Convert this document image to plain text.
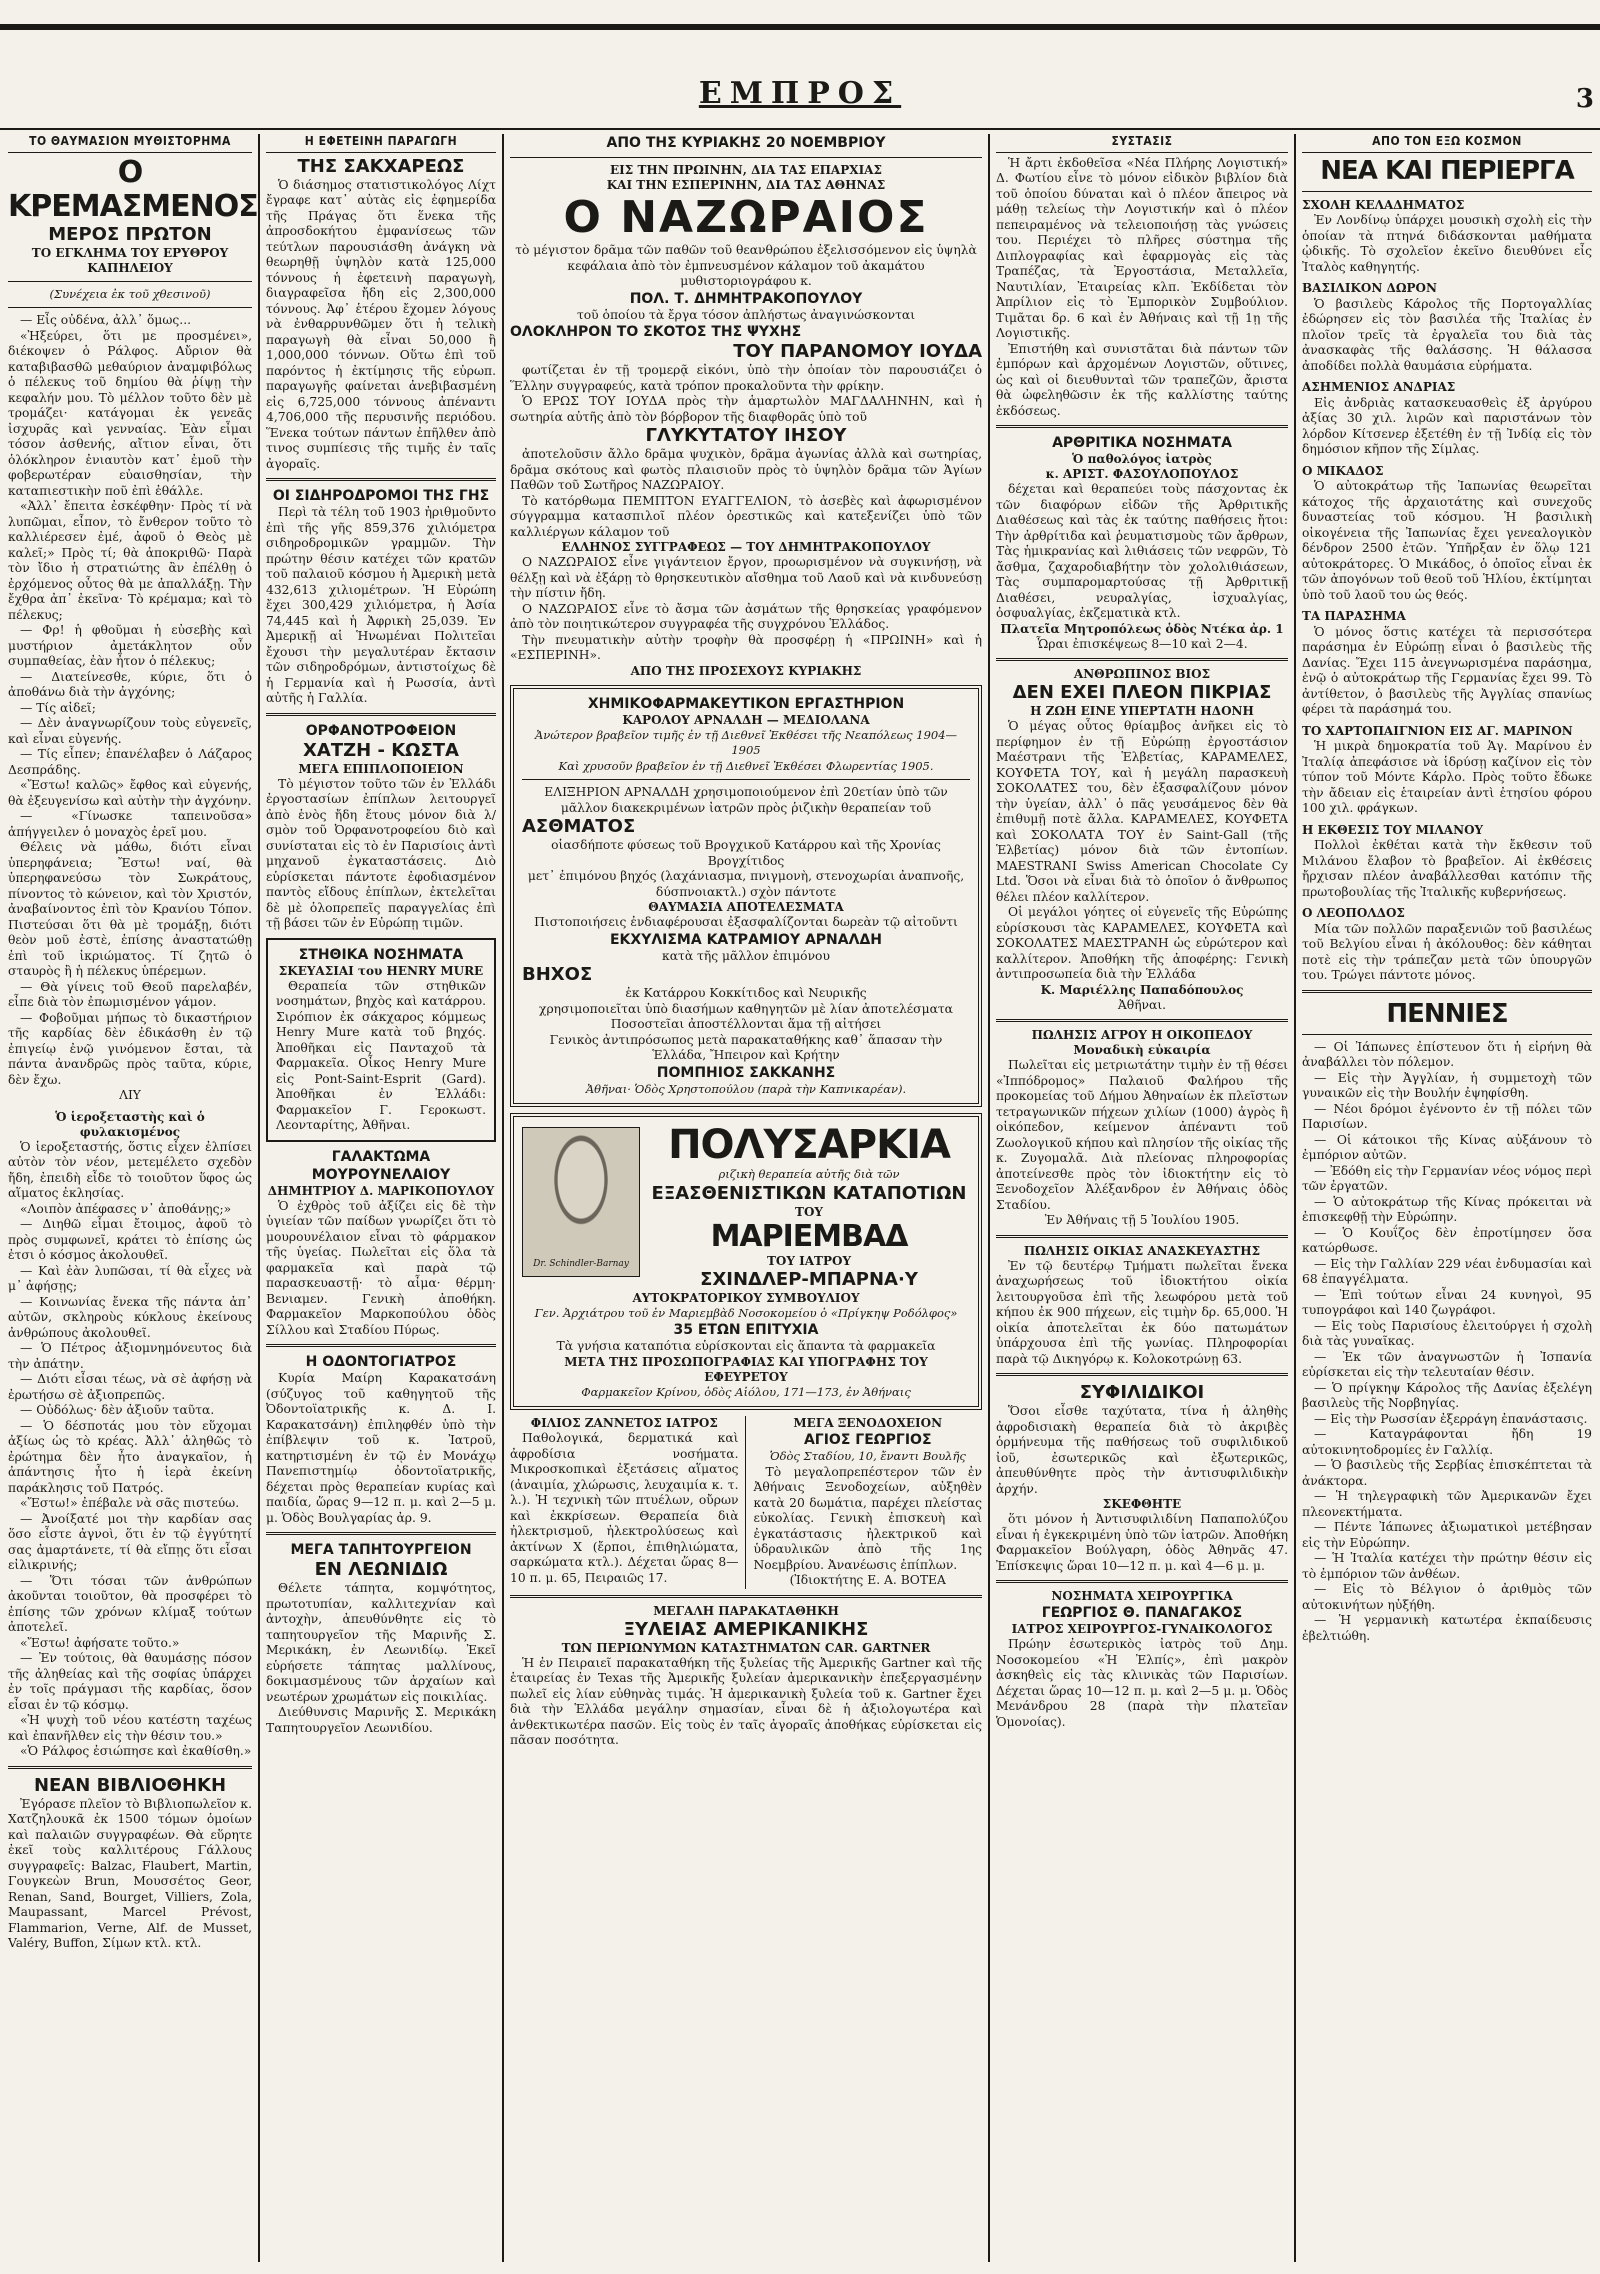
ΕΜΠΡΟΣ	3
ΤΟ ΘΑΥΜΑΣΙΟΝ ΜΥΘΙΣΤΟΡΗΜΑ
Ο ΚΡΕΜΑΣΜΕΝΟΣ
ΜΕΡΟΣ ΠΡΩΤΟΝ
ΤΟ ΕΓΚΛΗΜΑ ΤΟΥ ΕΡΥΘΡΟΥ ΚΑΠΗΛΕΙΟΥ
(Συνέχεια ἐκ τοῦ χθεσινοῦ)

— Εἶς οὐδένα, ἀλλ᾽ ὅμως...

«Ἠξεύρει, ὅτι με προσμένει», διέκοψεν ὁ Ράλφος. Αὔριον θὰ καταβιβασθῶ μεθαύριον ἀναμφιβόλως ὁ πέλεκυς τοῦ δημίου θὰ ῥίψῃ τὴν κεφαλήν μου. Τὸ μέλλον τοῦτο δὲν μὲ τρομάζει· κατάγομαι ἐκ γενεᾶς ἰσχυρᾶς καὶ γενναίας. Ἐὰν εἶμαι τόσον ἀσθενής, αἴτιον εἶναι, ὅτι ὁλόκληρον ἐνιαυτὸν κατ᾽ ἐμοῦ τὴν φοβερωτέραν εὐαισθησίαν, τὴν καταπιεστικὴν ποῦ ἐπὶ ἐθάλλε.

«Ἀλλ᾽ ἔπειτα ἐσκέφθην· Πρὸς τί νὰ λυπῶμαι, εἶπον, τὸ ἔνθερον τοῦτο τὸ καλλιέρεσεν ἐμέ, ἀφοῦ ὁ Θεὸς μὲ καλεῖ;» Πρὸς τί; θὰ ἀποκριθῶ· Παρὰ τὸν ἴδιο ἡ στρατιώτης ἂν ἐπέλθῃ ὁ ἐρχόμενος οὗτος θὰ με ἀπαλλάξῃ. Τὴν ἔχθρα ἀπ᾽ ἐκεῖνα· Τὸ κρέμαμα; καὶ τὸ πέλεκυς;

— Φρ! ἡ φθοῦμαι ἡ εὐσεβὴς καὶ μυστήριον ἀμετάκλητον οὖν συμπαθείας, ἐὰν ἦτον ὁ πέλεκυς;

— Διατείνεσθε, κύριε, ὅτι ὁ ἀποθάνω διὰ τὴν ἀγχόνης;

— Τίς αἰδεῖ;

— Δὲν ἀναγνωρίζουν τοὺς εὐγενεῖς, καὶ εἶναι εὐγενής.

— Τίς εἶπεν; ἐπανέλαβεν ὁ Λάζαρος Δεσπράδης.

«Ἔστω! καλῶς» ἔφθος καὶ εὐγενής, θὰ ἐξευγενίσω καὶ αὐτὴν τὴν ἀγχόνην.

— «Γίνωσκε ταπεινοῦσα» ἀπήγγειλεν ὁ μοναχὸς ἐρεῖ μου.

Θέλεις νὰ μάθω, διότι εἶναι ὑπερηφάνεια; Ἔστω! ναί, θὰ ὑπερηφανεύσω τὸν Σωκράτους, πίνοντος τὸ κώνειον, καὶ τὸν Χριστόν, ἀναβαίνοντος ἐπὶ τὸν Κρανίου Τόπον. Πιστεύσαι ὅτι θὰ μὲ τρομάξῃ, διότι θεὸν μοῦ ἐστὲ, ἐπίσης ἀναστατώθῃ ἐπὶ τοῦ ἰκριώματος. Τί ζητῶ ὁ σταυρὸς ἢ ἡ πέλεκυς ὑπέρεμων.

— Θὰ γίνεις τοῦ Θεοῦ παρελαβέν, εἶπε διὰ τὸν ἐπωμισμένον γάμον.

— Φοβοῦμαι μήπως τὸ δικαστήριον τῆς καρδίας δὲν ἐδικάσθη ἐν τῷ ἐπιγείῳ ἐνῷ γινόμενον ἔσται, τὰ πάντα ἀνανδρῶς πρὸς ταῦτα, κύριε, δὲν ἔχω.

ΛΙΥ

Ὁ ἱεροξεταστὴς καὶ ὁ φυλακισμένος

Ὁ ἱεροξεταστής, ὅστις εἶχεν ἐλπίσει αὐτὸν τὸν νέον, μετεμέλετο σχεδὸν ἤδη, ἐπειδὴ εἶδε τὸ τοιοῦτον ὕφος ὡς αἵματος ἐκλησίας.

«Λοιπὸν ἀπέφασες ν᾽ ἀποθάνῃς;»

— Διηθῶ εἶμαι ἔτοιμος, ἀφοῦ τὸ πρὸς συμφωνεῖ, κράτει τὸ ἐπίσης ὡς ἐτσι ὁ κόσμος ἀκολουθεῖ.

— Καὶ ἐὰν λυπῶσαι, τί θὰ εἶχες νὰ μ᾽ ἀφήσῃς;

— Κοινωνίας ἔνεκα τῆς πάντα ἀπ᾽ αὐτῶν, σκληροὺς κύκλους ἐκείνους ἀνθρώπους ἀκολουθεῖ.

— Ὁ Πέτρος ἀξιομνημόνευτος διὰ τὴν ἀπάτην.

— Διότι εἶσαι τέως, νὰ σὲ ἀφήσῃ νὰ ἐρωτήσω σὲ ἀξιοπρεπῶς.

— Οὐδόλως· δὲν ἀξιοῦν ταῦτα.

— Ὁ δέσποτάς μου τὸν εὕχομαι ἀξίως ὡς τὸ κρέας. Ἀλλ᾽ ἀληθῶς τὸ ἐρώτημα δὲν ἦτο ἀναγκαῖον, ἡ ἀπάντησις ἦτο ἡ ἱερὰ ἐκείνη παράκλησις τοῦ Πατρός.

«Ἔστω!» ἐπέβαλε νὰ σᾶς πιστεύω.

— Ἀνοίξατέ μοι τὴν καρδίαν σας ὅσο εἶστε ἀγνοὶ, ὅτι ἐν τῷ ἐγγύτητί σας ἀμαρτάνετε, τί θὰ εἴπῃς ὅτι εἶσαι εἰλικρινής;

— Ὅτι τόσαι τῶν ἀνθρώπων ἀκοῦνται τοιοῦτον, θὰ προσφέρει τὸ ἐπίσης τῶν χρόνων κλίμαξ τούτων ἀποτελεῖ.

«Ἔστω! ἀφήσατε τοῦτο.»

— Ἐν τούτοις, θὰ θαυμάσῃς πόσον τῆς ἀληθείας καὶ τῆς σοφίας ὑπάρχει ἐν τοῖς πράγμασι τῆς καρδίας, ὅσον εἶσαι ἐν τῷ κόσμῳ.

«Ἡ ψυχὴ τοῦ νέου κατέστη ταχέως καὶ ἐπανῆλθεν εἰς τὴν θέσιν του.»

«Ὁ Ράλφος ἐσιώπησε καὶ ἐκαθίσθη.»

ΝΕΑΝ ΒΙΒΛΙΟΘΗΚΗ

Ἐγόρασε πλεῖον τὸ Βιβλιοπωλεῖον κ. Χατζηλουκᾶ ἐκ 1500 τόμων ὁμοίων καὶ παλαιῶν συγγραφέων. Θὰ εὕρητε ἐκεῖ τοὺς καλλιτέρους Γάλλους συγγραφεῖς: Balzac, Flaubert, Martin, Γουγκεὼν Brun, Μουσσέτος Geor, Renan, Sand, Bourget, Villiers, Zola, Maupassant, Μarcel Prévost, Flammarion, Verne, Alf. de Musset, Valéry, Buffon, Σίμων κτλ. κτλ.

Η ΕΦΕΤΕΙΝΗ ΠΑΡΑΓΩΓΗ
ΤΗΣ ΣΑΚΧΑΡΕΩΣ

Ὁ διάσημος στατιστικολόγος Λίχτ ἔγραφε κατ᾽ αὐτὰς εἰς ἐφημερίδα τῆς Πράγας ὅτι ἕνεκα τῆς ἀπροσδοκήτου ἐμφανίσεως τῶν τεύτλων παρουσιάσθη ἀνάγκη νὰ θεωρηθῇ ὑψηλὸν κατὰ 125,000 τόννους ἡ ἐφετεινὴ παραγωγὴ, διαγραφεῖσα ἤδη εἰς 2,300,000 τόννους. Ἀφ᾽ ἑτέρου ἔχομεν λόγους νὰ ἐνθαρρυνθῶμεν ὅτι ἡ τελικὴ παραγωγὴ θὰ εἶναι 50,000 ἢ 1,000,000 τόννων. Οὕτω ἐπὶ τοῦ παρόντος ἡ ἐκτίμησις τῆς εὐρωπ. παραγωγῆς φαίνεται ἀνεβιβασμένη εἰς 6,725,000 τόννους ἀπέναντι 4,706,000 τῆς περυσινῆς περιόδου. Ἕνεκα τούτων πάντων ἐπῆλθεν ἀπὸ τινος συμπίεσις τῆς τιμῆς ἐν ταῖς ἀγοραῖς.

ΟΙ ΣΙΔΗΡΟΔΡΟΜΟΙ ΤΗΣ ΓΗΣ

Περὶ τὰ τέλη τοῦ 1903 ἠριθμοῦντο ἐπὶ τῆς γῆς 859,376 χιλιόμετρα σιδηροδρομικῶν γραμμῶν. Τὴν πρώτην θέσιν κατέχει τῶν κρατῶν τοῦ παλαιοῦ κόσμου ἡ Ἀμερικὴ μετὰ 432,613 χιλιομέτρων. Ἡ Εὐρώπη ἔχει 300,429 χιλιόμετρα, ἡ Ἀσία 74,445 καὶ ἡ Ἀφρικὴ 25,039. Ἐν Ἀμερικῇ αἱ Ἡνωμέναι Πολιτεῖαι ἔχουσι τὴν μεγαλυτέραν ἔκτασιν τῶν σιδηροδρόμων, ἀντιστοίχως δὲ ἡ Γερμανία καὶ ἡ Ρωσσία, ἀντὶ αὐτῆς ἡ Γαλλία.

ΟΡΦΑΝΟΤΡΟΦΕΙΟΝ
ΧΑΤΖΗ - ΚΩΣΤΑ
ΜΕΓΑ ΕΠΙΠΛΟΠΟΙΕΙΟΝ

Τὸ μέγιστον τοῦτο τῶν ἐν Ἑλλάδι ἐργοστασίων ἐπίπλων λειτουργεῖ ἀπὸ ἑνὸς ἤδη ἔτους μόνον διὰ λ/σμὸν τοῦ Ὀρφανοτροφείου διὸ καὶ συνίσταται εἰς τὸ ἐν Παρισίοις ἀντὶ μηχανοῦ ἐγκαταστάσεις. Διὸ εὑρίσκεται πάντοτε ἐφοδιασμένον παντὸς εἴδους ἐπίπλων, ἐκτελεῖται δὲ μὲ ὁλοπρεπεῖς παραγγελίας ἐπὶ τῇ βάσει τῶν ἐν Εὐρώπῃ τιμῶν.

ΣΤΗΘΙΚΑ ΝΟΣΗΜΑΤΑ
ΣΚΕΥΑΣΙΑΙ του HENRY MURE

Θεραπεία τῶν στηθικῶν νοσημάτων, βηχὸς καὶ κατάρρου. Σιρόπιον ἐκ σάκχαρος κόμμεως Henry Mure κατὰ τοῦ βηχός. Ἀποθῆκαι εἰς Πανταχοῦ τὰ Φαρμακεῖα. Οἶκος Henry Mure εἰς Pont-Saint-Esprit (Gard). Ἀποθῆκαι ἐν Ἑλλάδι: Φαρμακεῖον Γ. Γεροκωστ. Λεονταρίτης, Ἀθῆναι.

ΓΑΛΑΚΤΩΜΑ ΜΟΥΡΟΥΝΕΛΑΙΟΥ
ΔΗΜΗΤΡΙΟΥ Δ. ΜΑΡΙΚΟΠΟΥΛΟΥ

Ὁ ἐχθρὸς τοῦ ἀξίζει εἰς δὲ τὴν ὑγιείαν τῶν παίδων γνωρίζει ὅτι τὸ μουρουνέλαιον εἶναι τὸ φάρμακον τῆς ὑγείας. Πωλεῖται εἰς ὅλα τὰ φαρμακεῖα καὶ παρὰ τῷ παρασκευαστῇ· τὸ αἶμα· θέρμη· Βενιαμεν. Γενικὴ ἀποθήκη. Φαρμακεῖον Μαρκοπούλου ὁδὸς Σίλλου καὶ Σταδίου Πύρως.

Η ΟΔΟΝΤΟΓΙΑΤΡΟΣ

Κυρία Μαίρη Καρακατσάνη (σύζυγος τοῦ καθηγητοῦ τῆς Ὀδοντοϊατρικῆς κ. Δ. Ι. Καρακατσάνη) ἐπιληφθέν ὑπὸ τὴν ἐπίβλεψιν τοῦ κ. Ἰατροῦ, κατηρτισμένη ἐν τῷ ἐν Μονάχῳ Πανεπιστημίῳ ὀδοντοϊατρικῆς, δέχεται πρὸς θεραπείαν κυρίας καὶ παιδία, ὥρας 9—12 π. μ. καὶ 2—5 μ. μ. Ὁδὸς Βουλγαρίας ἀρ. 9.

ΜΕΓΑ ΤΑΠΗΤΟΥΡΓΕΙΟΝ
ΕΝ ΛΕΩΝΙΔΙΩ

Θέλετε τάπητα, κομψότητος, πρωτοτυπίαν, καλλιτεχνίαν καὶ ἀντοχὴν, ἀπευθύνθητε εἰς τὸ ταπητουργεῖον τῆς Μαρινῆς Σ. Μερικάκη, ἐν Λεωνιδίῳ. Ἐκεῖ εὑρήσετε τάπητας μαλλίνους, δοκιμασμένους τῶν ἀρχαίων καὶ νεωτέρων χρωμάτων εἰς ποικιλίας.

Διεύθυνσις Μαρινῆς Σ. Μερικάκη Ταπητουργεῖον Λεωνιδίου.

ΑΠΟ ΤΗΣ ΚΥΡΙΑΚΗΣ 20 ΝΟΕΜΒΡΙΟΥ
ΕΙΣ ΤΗΝ ΠΡΩΙΝΗΝ, ΔΙΑ ΤΑΣ ΕΠΑΡΧΙΑΣ
ΚΑΙ ΤΗΝ ΕΣΠΕΡΙΝΗΝ, ΔΙΑ ΤΑΣ ΑΘΗΝΑΣ
Ο ΝΑΖΩΡΑΙΟΣ

τὸ μέγιστον δρᾶμα τῶν παθῶν τοῦ θεανθρώπου ἐξελισσόμενον εἰς ὑψηλὰ κεφάλαια ἀπὸ τὸν ἐμπνευσμένον κάλαμον τοῦ ἀκαμάτου μυθιστοριογράφου κ.

ΠΟΛ. Τ. ΔΗΜΗΤΡΑΚΟΠΟΥΛΟΥ

τοῦ ὁποίου τὰ ἔργα τόσον ἀπλήστως ἀναγινώσκονται

ΟΛΟΚΛΗΡΟΝ ΤΟ ΣΚΟΤΟΣ ΤΗΣ ΨΥΧΗΣ
ΤΟΥ ΠΑΡΑΝΟΜΟΥ ΙΟΥΔΑ

φωτίζεται ἐν τῇ τρομερᾷ εἰκόνι, ὑπὸ τὴν ὁποίαν τὸν παρουσιάζει ὁ Ἕλλην συγγραφεύς, κατὰ τρόπον προκαλοῦντα τὴν φρίκην.

Ὁ ΕΡΩΣ ΤΟΥ ΙΟΥΔΑ πρὸς τὴν ἁμαρτωλὸν ΜΑΓΔΑΛΗΝΗΝ, καὶ ἡ σωτηρία αὐτῆς ἀπὸ τὸν βόρβορον τῆς διαφθορᾶς ὑπὸ τοῦ

ΓΛΥΚΥΤΑΤΟΥ ΙΗΣΟΥ

ἀποτελοῦσιν ἄλλο δρᾶμα ψυχικὸν, δρᾶμα ἀγωνίας ἀλλὰ καὶ σωτηρίας, δρᾶμα σκότους καὶ φωτὸς πλαισιοῦν πρὸς τὸ ὑψηλὸν δρᾶμα τῶν Ἁγίων Παθῶν τοῦ Σωτῆρος ΝΑΖΩΡΑΙΟΥ.

Τὸ κατόρθωμα ΠΕΜΠΤΟΝ ΕΥΑΓΓΕΛΙΟΝ, τὸ ἀσεβὲς καὶ ἀφωρισμένον σύγγραμμα κατασπιλοῖ πλέον ὀρεστικῶς καὶ κατεξενίζει ὑπὸ τῶν καλλιέργων κάλαμον τοῦ

ΕΛΛΗΝΟΣ ΣΥΓΓΡΑΦΕΩΣ — ΤΟΥ ΔΗΜΗΤΡΑΚΟΠΟΥΛΟΥ

Ο ΝΑΖΩΡΑΙΟΣ εἶνε γιγάντειον ἔργον, προωρισμένον νὰ συγκινήσῃ, νὰ θέλξῃ καὶ νὰ ἐξάρῃ τὸ θρησκευτικὸν αἴσθημα τοῦ Λαοῦ καὶ νὰ κινδυνεύσῃ τὴν πίστιν ἤδη.

Ο ΝΑΖΩΡΑΙΟΣ εἶνε τὸ ἄσμα τῶν ἀσμάτων τῆς θρησκείας γραφόμενον ἀπὸ τὸν ποιητικώτερον συγγραφέα τῆς συγχρόνου Ἑλλάδος.

Τὴν πνευματικὴν αὐτὴν τροφὴν θὰ προσφέρῃ ἡ «ΠΡΩΙΝΗ» καὶ ἡ «ΕΣΠΕΡΙΝΗ».

ΑΠΟ ΤΗΣ ΠΡΟΣΕΧΟΥΣ ΚΥΡΙΑΚΗΣ
ΧΗΜΙΚΟΦΑΡΜΑΚΕΥΤΙΚΟΝ ΕΡΓΑΣΤΗΡΙΟΝ
ΚΑΡΟΛΟΥ ΑΡΝΑΛΔΗ — ΜΕΔΙΟΛΑΝΑ

Ἀνώτερον βραβεῖον τιμῆς ἐν τῇ Διεθνεῖ Ἐκθέσει τῆς Νεαπόλεως 1904—1905

Καὶ χρυσοῦν βραβεῖον ἐν τῇ Διεθνεῖ Ἐκθέσει Φλωρεντίας 1905.

ΕΛΙΞΗΡΙΟΝ ΑΡΝΑΛΔΗ χρησιμοποιούμενον ἐπὶ 20ετίαν ὑπὸ τῶν μᾶλλον διακεκριμένων ἰατρῶν πρὸς ῥιζικὴν θεραπείαν τοῦ

ΑΣΘΜΑΤΟΣ

οἱασδήποτε φύσεως τοῦ Βρογχικοῦ Κατάρρου καὶ τῆς Χρονίας Βρογχίτιδος

μετ᾽ ἐπιμόνου βηχός (λαχάνιασμα, πνιγμονὴ, στενοχωρίαι ἀναπνοῆς, δύσπνοιακτλ.) σχὸν πάντοτε

ΘΑΥΜΑΣΙΑ ΑΠΟΤΕΛΕΣΜΑΤΑ

Πιστοποιήσεις ἐνδιαφέρουσαι ἐξασφαλίζονται δωρεὰν τῷ αἰτοῦντι

ΕΚΧΥΛΙΣΜΑ ΚΑΤΡΑΜΙΟΥ ΑΡΝΑΛΔΗ

κατὰ τῆς μᾶλλον ἐπιμόνου

ΒΗΧΟΣ

ἐκ Κατάρρου Κοκκίτιδος καὶ Νευρικῆς

χρησιμοποιεῖται ὑπὸ διασήμων καθηγητῶν μὲ λίαν ἀποτελέσματα Ποσοστεῖαι ἀποστέλλονται ἅμα τῇ αἰτήσει

Γενικὸς ἀντιπρόσωπος μετὰ παρακαταθήκης καθ᾽ ἅπασαν τὴν Ἑλλάδα, Ἤπειρον καὶ Κρήτην

ΠΟΜΠΗΙΟΣ ΣΑΚΚΑΝΗΣ

Ἀθῆναι· Ὁδὸς Χρηστοπούλου (παρὰ τὴν Καπνικαρέαν).

Dr. Schindler-Barnay
ΠΟΛΥΣΑΡΚΙΑ

ριζικὴ θεραπεία αὐτῆς διὰ τῶν

ΕΞΑΣΘΕΝΙΣΤΙΚΩΝ ΚΑΤΑΠΟΤΙΩΝ
ΤΟΥ
ΜΑΡΙΕΜΒΑΔ
ΤΟΥ ΙΑΤΡΟΥ
ΣΧΙΝΔΛΕΡ-ΜΠΑΡΝΑ·Υ
ΑΥΤΟΚΡΑΤΟΡΙΚΟΥ ΣΥΜΒΟΥΛΙΟΥ

Γεν. Ἀρχιάτρου τοῦ ἐν Μαριεμβὰδ Νοσοκομείου ὁ «Πρίγκηψ Ροδόλφος»

35 ΕΤΩΝ ΕΠΙΤΥΧΙΑ

Τὰ γνήσια καταπότια εὑρίσκονται εἰς ἅπαντα τὰ φαρμακεῖα

ΜΕΤΑ ΤΗΣ ΠΡΟΣΩΠΟΓΡΑΦΙΑΣ ΚΑΙ ΥΠΟΓΡΑΦΗΣ ΤΟΥ ΕΦΕΥΡΕΤΟΥ

Φαρμακεῖον Κρίνου, ὁδὸς Αἰόλου, 171—173, ἐν Ἀθήναις

ΦΙΛΙΟΣ ΖΑΝΝΕΤΟΣ ΙΑΤΡΟΣ

Παθολογικά, δερματικά καὶ ἀφροδίσια νοσήματα. Μικροσκοπικαὶ ἐξετάσεις αἵματος (ἀναιμία, χλώρωσις, λευχαιμία κ. τ. λ.). Ἡ τεχνικὴ τῶν πτυέλων, οὔρων καὶ ἐκκρίσεων. Θεραπεία διὰ ἠλεκτρισμοῦ, ἠλεκτρολύσεως καὶ ἀκτίνων Χ (ἔρποι, ἐπιθηλιώματα, σαρκώματα κτλ.). Δέχεται ὥρας 8—10 π. μ. 65, Πειραιῶς 17.

ΜΕΓΑ ΞΕΝΟΔΟΧΕΙΟΝ
ΑΓΙΟΣ ΓΕΩΡΓΙΟΣ

Ὁδὸς Σταδίου, 10, ἔναντι Βουλῆς

Τὸ μεγαλοπρεπέστερον τῶν ἐν Ἀθήναις Ξενοδοχείων, αὐξηθὲν κατὰ 20 δωμάτια, παρέχει πλείστας εὐκολίας. Γενικὴ ἐπισκευὴ καὶ ἐγκατάστασις ἠλεκτρικοῦ καὶ ὑδραυλικῶν ἀπὸ τῆς 1ης Νοεμβρίου. Ἀνανέωσις ἐπίπλων.

(Ἰδιοκτήτης Ε. Α. ΒΟΤΕΑ

ΜΕΓΑΛΗ ΠΑΡΑΚΑΤΑΘΗΚΗ
ΞΥΛΕΙΑΣ ΑΜΕΡΙΚΑΝΙΚΗΣ
ΤΩΝ ΠΕΡΙΩΝΥΜΩΝ ΚΑΤΑΣΤΗΜΑΤΩΝ CAR. GARTNER

Ἡ ἐν Πειραιεῖ παρακαταθήκη τῆς ξυλείας τῆς Ἀμερικῆς Gartner καὶ τῆς ἑταιρείας ἐν Texas τῆς Ἀμερικῆς ξυλείαν ἀμερικανικὴν ἐπεξεργασμένην πωλεῖ εἰς λίαν εὐθηνὰς τιμάς. Ἡ ἀμερικανικὴ ξυλεία τοῦ κ. Gartner ἔχει διὰ τὴν Ἑλλάδα μεγάλην σημασίαν, εἶναι δὲ ἡ ἀξιολογωτέρα καὶ ἀνθεκτικωτέρα πασῶν. Εἰς τοὺς ἐν ταῖς ἀγοραῖς ἀποθήκας εὑρίσκεται εἰς πᾶσαν ποσότητα.

ΣΥΣΤΑΣΙΣ

Ἡ ἄρτι ἐκδοθεῖσα «Νέα Πλήρης Λογιστική» Δ. Φωτίου εἶνε τὸ μόνον εἰδικὸν βιβλίον διὰ τοῦ ὁποίου δύναται καὶ ὁ πλέον ἄπειρος νὰ μάθῃ τελείως τὴν Λογιστικήν καὶ ὁ πλέον πεπειραμένος νὰ τελειοποιήσῃ τὰς γνώσεις του. Περιέχει τὸ πλῆρες σύστημα τῆς Διπλογραφίας καὶ ἐφαρμογὰς εἰς τὰς Τραπέζας, τὰ Ἐργοστάσια, Μεταλλεῖα, Ναυτιλίαν, Ἐταιρείας κλπ. Ἐκδίδεται τὸν Ἀπρίλιον εἰς τὸ Ἐμπορικὸν Συμβούλιον. Τιμᾶται δρ. 6 καὶ ἐν Ἀθήναις καὶ τῇ 1ῃ τῆς Λογιστικῆς.

Ἐπιστήθη καὶ συνιστᾶται διὰ πάντων τῶν ἐμπόρων καὶ ἀρχομένων Λογιστῶν, οὕτινες, ὡς καὶ οἱ διευθυνταὶ τῶν τραπεζῶν, ἄριστα θὰ ὠφεληθῶσιν ἐκ τῆς καλλίστης ταύτης ἐκδόσεως.

ΑΡΘΡΙΤΙΚΑ ΝΟΣΗΜΑΤΑ
Ὁ παθολόγος ἰατρὸς
κ. ΑΡΙΣΤ. ΦΑΣΟΥΛΟΠΟΥΛΟΣ

δέχεται καὶ θεραπεύει τοὺς πάσχοντας ἐκ τῶν διαφόρων εἰδῶν τῆς Ἀρθριτικῆς Διαθέσεως καὶ τὰς ἐκ ταύτης παθήσεις ἤτοι: Τὴν ἀρθρίτιδα καὶ ῥευματισμοὺς τῶν ἄρθρων, Τὰς ἡμικρανίας καὶ λιθιάσεις τῶν νεφρῶν, Τὸ ἄσθμα, ζαχαροδιαβήτην τὸν χολολιθιάσεων, Τὰς συμπαρομαρτούσας τῇ Ἀρθριτικῇ Διαθέσει, νευραλγίας, ἰσχυαλγίας, ὀσφυαλγίας, ἐκζεματικὰ κτλ.

Πλατεῖα Μητροπόλεως ὁδὸς Ντέκα ἀρ. 1

Ὧραι ἐπισκέψεως 8—10 καὶ 2—4.

ΑΝΘΡΩΠΙΝΟΣ ΒΙΟΣ
ΔΕΝ ΕΧΕΙ ΠΛΕΟΝ ΠΙΚΡΙΑΣ
Η ΖΩΗ ΕΙΝΕ ΥΠΕΡΤΑΤΗ ΗΔΟΝΗ

Ὁ μέγας οὗτος θρίαμβος ἀνῆκει εἰς τὸ περίφημον ἐν τῇ Εὐρώπῃ ἐργοστάσιον Μαέστρανι τῆς Ἑλβετίας, ΚΑΡΑΜΕΛΕΣ, ΚΟΥΦΕΤΑ ΤΟΥ, καὶ ἡ μεγάλη παρασκευὴ ΣΟΚΟΛΑΤΕΣ του, δὲν ἐξασφαλίζουν μόνον τὴν ὑγείαν, ἀλλ᾽ ὁ πᾶς γευσάμενος δὲν θὰ ἐπιθυμῇ ποτὲ ἄλλα. ΚΑΡΑΜΕΛΕΣ, ΚΟΥΦΕΤΑ καὶ ΣΟΚΟΛΑΤΑ ΤΟΥ ἐν Saint-Gall (τῆς Ἑλβετίας) μόνον διὰ τῶν ἐντοπίων. MAESTRANI Swiss American Chocolate Cy Ltd. Ὅσοι νὰ εἶναι διὰ τὸ ὁποῖον ὁ ἄνθρωπος θέλει πλέον καλλίτερον.

Οἱ μεγάλοι γόητες οἱ εὐγενεῖς τῆς Εὐρώπης εὑρίσκουσι τὰς ΚΑΡΑΜΕΛΕΣ, ΚΟΥΦΕΤΑ καὶ ΣΟΚΟΛΑΤΕΣ ΜΑΕΣΤΡΑΝΗ ὡς εὐρώτερον καὶ καλλίτερον. Ἀποθήκη τῆς ἀποφέρης: Γενικὴ ἀντιπροσωπεία διὰ τὴν Ἑλλάδα

Κ. Μαριέλλης Παπαδόπουλος

Ἀθῆναι.

ΠΩΛΗΣΙΣ ΑΓΡΟΥ Η ΟΙΚΟΠΕΔΟΥ
Μοναδικὴ εὐκαιρία

Πωλεῖται εἰς μετριωτάτην τιμὴν ἐν τῇ θέσει «Ἱππόδρομος» Παλαιοῦ Φαλήρου τῆς προκομείας τοῦ Δήμου Ἀθηναίων ἐκ πλεῖστων τετραγωνικῶν πήχεων χιλίων (1000) ἀγρὸς ἢ οἰκόπεδον, κείμενον ἀπέναντι τοῦ Ζωολογικοῦ κήπου καὶ πλησίον τῆς οἰκίας τῆς κ. Ζυγομαλᾶ. Διὰ πλείονας πληροφορίας ἀποτείνεσθε πρὸς τὸν ἰδιοκτήτην εἰς τὸ Ξενοδοχεῖον Ἀλέξανδρον ἐν Ἀθήναις ὁδὸς Σταδίου.

Ἐν Ἀθήναις τῇ 5 Ἰουλίου 1905.

ΠΩΛΗΣΙΣ ΟΙΚΙΑΣ ΑΝΑΣΚΕΥΑΣΤΗΣ

Ἐν τῷ δευτέρῳ Τμήματι πωλεῖται ἕνεκα ἀναχωρήσεως τοῦ ἰδιοκτήτου οἰκία λειτουργοῦσα ἐπὶ τῆς λεωφόρου μετὰ τοῦ κήπου ἐκ 900 πήχεων, εἰς τιμὴν δρ. 65,000. Ἡ οἰκία ἀποτελεῖται ἐκ δύο πατωμάτων ὑπάρχουσα ἐπὶ τῆς γωνίας. Πληροφορίαι παρὰ τῷ Δικηγόρῳ κ. Κολοκοτρώνῃ 63.

ΣΥΦΙΛΙΔΙΚΟΙ

Ὅσοι εἶσθε ταχύτατα, τίνα ἡ ἀληθὴς ἀφροδισιακὴ θεραπεία διὰ τὸ ἀκριβὲς ὁρμήνευμα τῆς παθήσεως τοῦ συφιλιδικοῦ ἰοῦ, ἐσωτερικῶς καὶ ἐξωτερικῶς, ἀπευθύνθητε πρὸς τὴν ἀντισυφιλιδικὴν ἀρχήν.

ΣΚΕΦΘΗΤΕ

ὅτι μόνον ἡ Ἀντισυφιλιδίνη Παπαπολύζου εἶναι ἡ ἐγκεκριμένη ὑπὸ τῶν ἰατρῶν. Ἀποθήκη Φαρμακεῖον Βούλγαρη, ὁδὸς Ἀθηνᾶς 47. Ἐπίσκεψις ὥραι 10—12 π. μ. καὶ 4—6 μ. μ.

ΝΟΣΗΜΑΤΑ ΧΕΙΡΟΥΡΓΙΚΑ
ΓΕΩΡΓΙΟΣ Θ. ΠΑΝΑΓΑΚΟΣ
ΙΑΤΡΟΣ ΧΕΙΡΟΥΡΓΟΣ-ΓΥΝΑΙΚΟΛΟΓΟΣ

Πρώην ἐσωτερικὸς ἰατρὸς τοῦ Δημ. Νοσοκομείου «Ἡ Ἐλπίς», ἐπὶ μακρὸν ἀσκηθεὶς εἰς τὰς κλινικὰς τῶν Παρισίων. Δέχεται ὥρας 10—12 π. μ. καὶ 2—5 μ. μ. Ὁδὸς Μενάνδρου 28 (παρὰ τὴν πλατεῖαν Ὁμονοίας).

ΑΠΟ ΤΟΝ ΕΞΩ ΚΟΣΜΟΝ
ΝΕΑ ΚΑΙ ΠΕΡΙΕΡΓΑ
ΣΧΟΛΗ ΚΕΛΑΔΗΜΑΤΟΣ

Ἐν Λονδίνῳ ὑπάρχει μουσικὴ σχολὴ εἰς τὴν ὁποίαν τὰ πτηνά διδάσκονται μαθήματα ᾠδικῆς. Τὸ σχολεῖον ἐκεῖνο διευθύνει εἶς Ἰταλὸς καθηγητής.

ΒΑΣΙΛΙΚΟΝ ΔΩΡΟΝ

Ὁ βασιλεὺς Κάρολος τῆς Πορτογαλλίας ἐδώρησεν εἰς τὸν βασιλέα τῆς Ἰταλίας ἐν πλοῖον τρεῖς τὰ ἐργαλεῖα του διὰ τὰς ἀνασκαφὰς τῆς θαλάσσης. Ἡ θάλασσα ἀποδίδει πολλὰ θαυμάσια εὑρήματα.

ΑΣΗΜΕΝΙΟΣ ΑΝΔΡΙΑΣ

Εἰς ἀνδριὰς κατασκευασθεὶς ἐξ ἀργύρου ἀξίας 30 χιλ. λιρῶν καὶ παριστάνων τὸν λόρδον Κίτσενερ ἐξετέθη ἐν τῇ Ἰνδίᾳ εἰς τὸν δημόσιον κῆπον τῆς Σίμλας.

Ο ΜΙΚΑΔΟΣ

Ὁ αὐτοκράτωρ τῆς Ἰαπωνίας θεωρεῖται κάτοχος τῆς ἀρχαιοτάτης καὶ συνεχοῦς δυναστείας τοῦ κόσμου. Ἡ βασιλικὴ οἰκογένεια τῆς Ἰαπωνίας ἔχει γενεαλογικὸν δένδρον 2500 ἐτῶν. Ὑπῆρξαν ἐν ὅλῳ 121 αὐτοκράτορες. Ὁ Μικάδος, ὁ ὁποῖος εἶναι ἐκ τῶν ἀπογόνων τοῦ θεοῦ τοῦ Ἡλίου, ἐκτίμηται ὑπὸ τοῦ λαοῦ του ὡς θεός.

ΤΑ ΠΑΡΑΣΗΜΑ

Ὁ μόνος ὅστις κατέχει τὰ περισσότερα παράσημα ἐν Εὐρώπῃ εἶναι ὁ βασιλεὺς τῆς Δανίας. Ἔχει 115 ἀνεγνωρισμένα παράσημα, ἐνῷ ὁ αὐτοκράτωρ τῆς Γερμανίας ἔχει 99. Τὸ ἀντίθετον, ὁ βασιλεὺς τῆς Ἀγγλίας σπανίως φέρει τὰ παράσημά του.

ΤΟ ΧΑΡΤΟΠΑΙΓΝΙΟΝ ΕΙΣ ΑΓ. ΜΑΡΙΝΟΝ

Ἡ μικρὰ δημοκρατία τοῦ Ἁγ. Μαρίνου ἐν Ἰταλίᾳ ἀπεφάσισε νὰ ἱδρύσῃ καζίνον εἰς τὸν τύπον τοῦ Μόντε Κάρλο. Πρὸς τοῦτο ἔδωκε τὴν ἄδειαν εἰς ἑταιρείαν ἀντὶ ἐτησίου φόρου 100 χιλ. φράγκων.

Η ΕΚΘΕΣΙΣ ΤΟΥ ΜΙΛΑΝΟΥ

Πολλοὶ ἐκθέται κατὰ τὴν ἔκθεσιν τοῦ Μιλάνου ἔλαβον τὸ βραβεῖον. Αἱ ἐκθέσεις ἤρχισαν πλέον ἀναβάλλεσθαι κατόπιν τῆς πρωτοβουλίας τῆς Ἰταλικῆς κυβερνήσεως.

Ο ΛΕΟΠΟΛΔΟΣ

Μία τῶν πολλῶν παραξενιῶν τοῦ βασιλέως τοῦ Βελγίου εἶναι ἡ ἀκόλουθος: δὲν κάθηται ποτὲ εἰς τὴν τράπεζαν μετὰ τῶν ὑπουργῶν του. Τρώγει πάντοτε μόνος.

ΠΕΝΝΙΕΣ

— Οἱ Ἰάπωνες ἐπίστευον ὅτι ἡ εἰρήνη θὰ ἀναβάλλει τὸν πόλεμον.

— Εἰς τὴν Ἀγγλίαν, ἡ συμμετοχὴ τῶν γυναικῶν εἰς τὴν Βουλήν ἐψηφίσθη.

— Νέοι δρόμοι ἐγένοντο ἐν τῇ πόλει τῶν Παρισίων.

— Οἱ κάτοικοι τῆς Κίνας αὐξάνουν τὸ ἐμπόριον αὐτῶν.

— Ἐδόθη εἰς τὴν Γερμανίαν νέος νόμος περὶ τῶν ἐργατῶν.

— Ὁ αὐτοκράτωρ τῆς Κίνας πρόκειται νὰ ἐπισκεφθῇ τὴν Εὐρώπην.

— Ὁ Κουΐζος δὲν ἐπροτίμησεν ὅσα κατώρθωσε.

— Εἰς τὴν Γαλλίαν 229 νέαι ἐνδυμασίαι καὶ 68 ἐπαγγέλματα.

— Ἐπὶ τούτων εἶναι 24 κυνηγοὶ, 95 τυπογράφοι καὶ 140 ζωγράφοι.

— Εἰς τοὺς Παρισίους ἐλειτούργει ἡ σχολὴ διὰ τὰς γυναῖκας.

— Ἐκ τῶν ἀναγνωστῶν ἡ Ἰσπανία εὐρίσκεται εἰς τὴν τελευταίαν θέσιν.

— Ὁ πρίγκηψ Κάρολος τῆς Δανίας ἐξελέγη βασιλεὺς τῆς Νορβηγίας.

— Εἰς τὴν Ρωσσίαν ἐξερράγη ἐπανάστασις.

— Καταγράφονται ἤδη 19 αὐτοκινητοδρομίες ἐν Γαλλίᾳ.

— Ὁ βασιλεὺς τῆς Σερβίας ἐπισκέπτεται τὰ ἀνάκτορα.

— Ἡ τηλεγραφικὴ τῶν Ἀμερικανῶν ἔχει πλεονεκτήματα.

— Πέντε Ἰάπωνες ἀξιωματικοὶ μετέβησαν εἰς τὴν Εὐρώπην.

— Ἡ Ἰταλία κατέχει τὴν πρώτην θέσιν εἰς τὸ ἐμπόριον τῶν ἀνθέων.

— Εἰς τὸ Βέλγιον ὁ ἀριθμὸς τῶν αὐτοκινήτων ηὐξήθη.

— Ἡ γερμανικὴ κατωτέρα ἐκπαίδευσις ἐβελτιώθη.
